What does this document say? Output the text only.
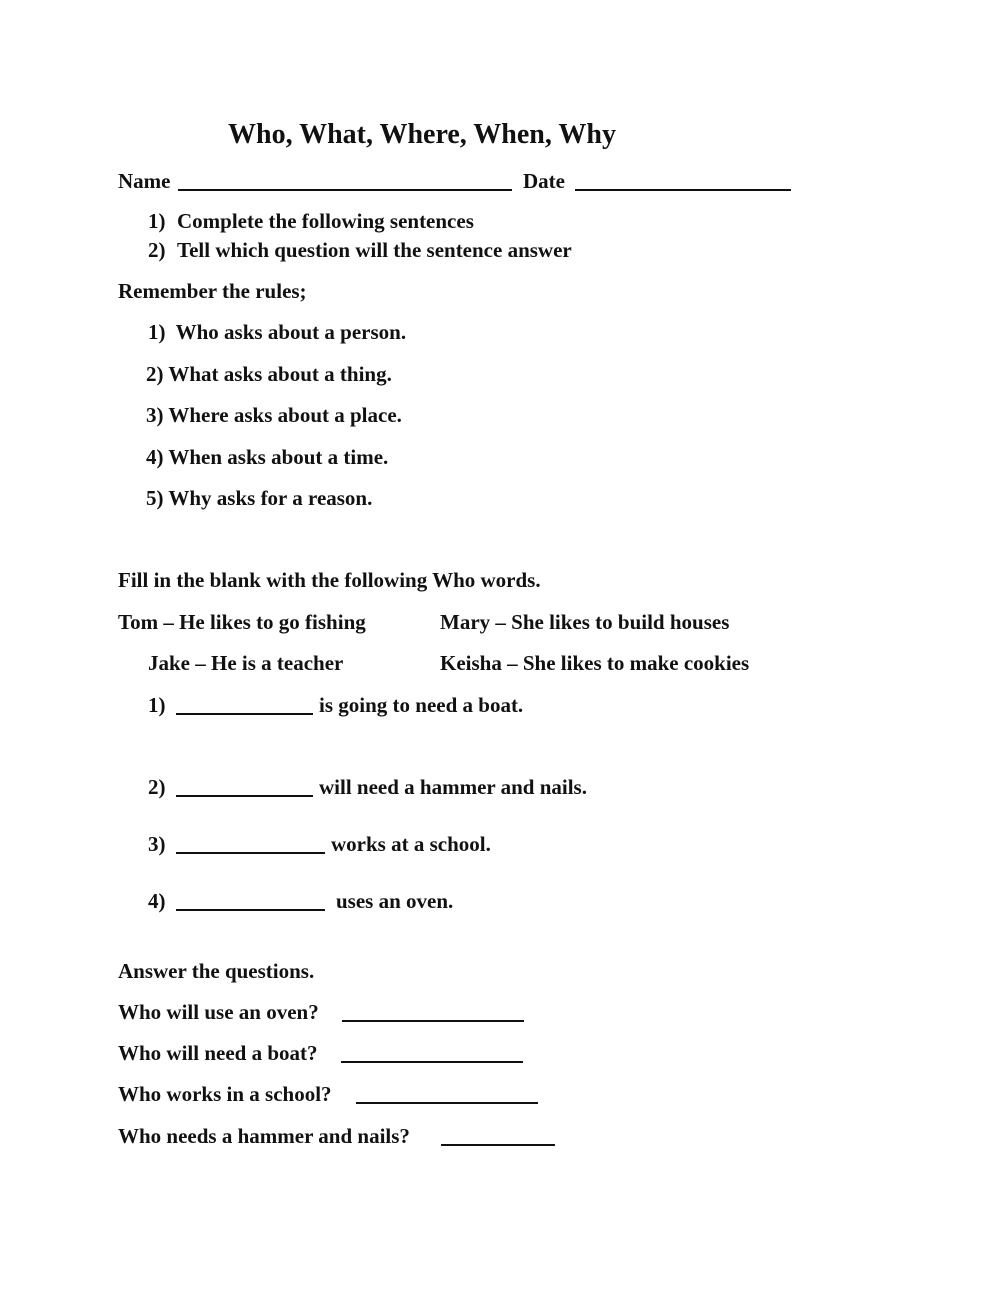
Who, What, Where, When, Why
Name	Date
1) Complete the following sentences
2) Tell which question will the sentence answer
Remember the rules;
1)  Who asks about a person.
2) What asks about a thing.
3) Where asks about a place.
4) When asks about a time.
5) Why asks for a reason.
Fill in the blank with the following Who words.
Tom – He likes to go fishing	Mary – She likes to build houses
Jake – He is a teacher	Keisha – She likes to make cookies
1)	is going to need a boat.
2)	will need a hammer and nails.
3)	works at a school.
4)	uses an oven.
Answer the questions.
Who will use an oven?
Who will need a boat?
Who works in a school?
Who needs a hammer and nails?
